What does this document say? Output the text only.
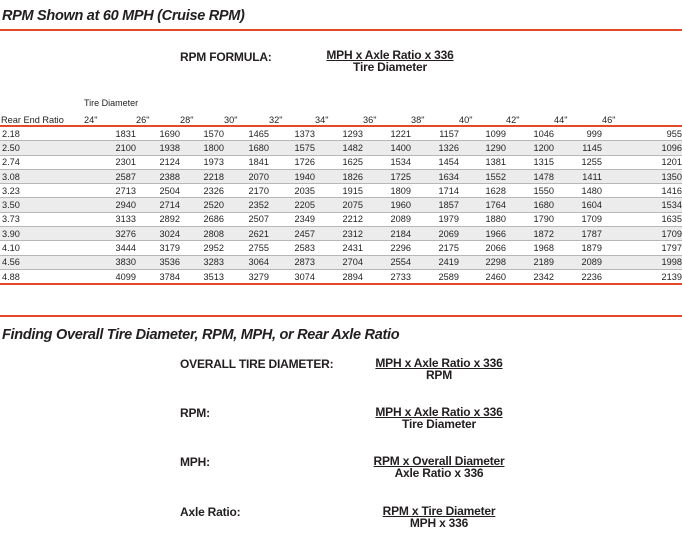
RPM Shown at 60 MPH (Cruise RPM)
RPM FORMULA:	MPH x Axle Ratio x 336
Tire Diameter
Tire Diameter
Rear End Ratio	24"	26"	28"	30"	32"	34"	36"	38"	40"	42"	44"	46"
2.18	1831	1690	1570	1465	1373	1293	1221	1157	1099	1046	999	955
2.50	2100	1938	1800	1680	1575	1482	1400	1326	1290	1200	1145	1096
2.74	2301	2124	1973	1841	1726	1625	1534	1454	1381	1315	1255	1201
3.08	2587	2388	2218	2070	1940	1826	1725	1634	1552	1478	1411	1350
3.23	2713	2504	2326	2170	2035	1915	1809	1714	1628	1550	1480	1416
3.50	2940	2714	2520	2352	2205	2075	1960	1857	1764	1680	1604	1534
3.73	3133	2892	2686	2507	2349	2212	2089	1979	1880	1790	1709	1635
3.90	3276	3024	2808	2621	2457	2312	2184	2069	1966	1872	1787	1709
4.10	3444	3179	2952	2755	2583	2431	2296	2175	2066	1968	1879	1797
4.56	3830	3536	3283	3064	2873	2704	2554	2419	2298	2189	2089	1998
4.88	4099	3784	3513	3279	3074	2894	2733	2589	2460	2342	2236	2139
Finding Overall Tire Diameter, RPM, MPH, or Rear Axle Ratio
OVERALL TIRE DIAMETER:	MPH x Axle Ratio x 336
RPM
RPM:	MPH x Axle Ratio x 336
Tire Diameter
MPH:	RPM x Overall Diameter
Axle Ratio x 336
Axle Ratio:	RPM x Tire Diameter
MPH x 336
